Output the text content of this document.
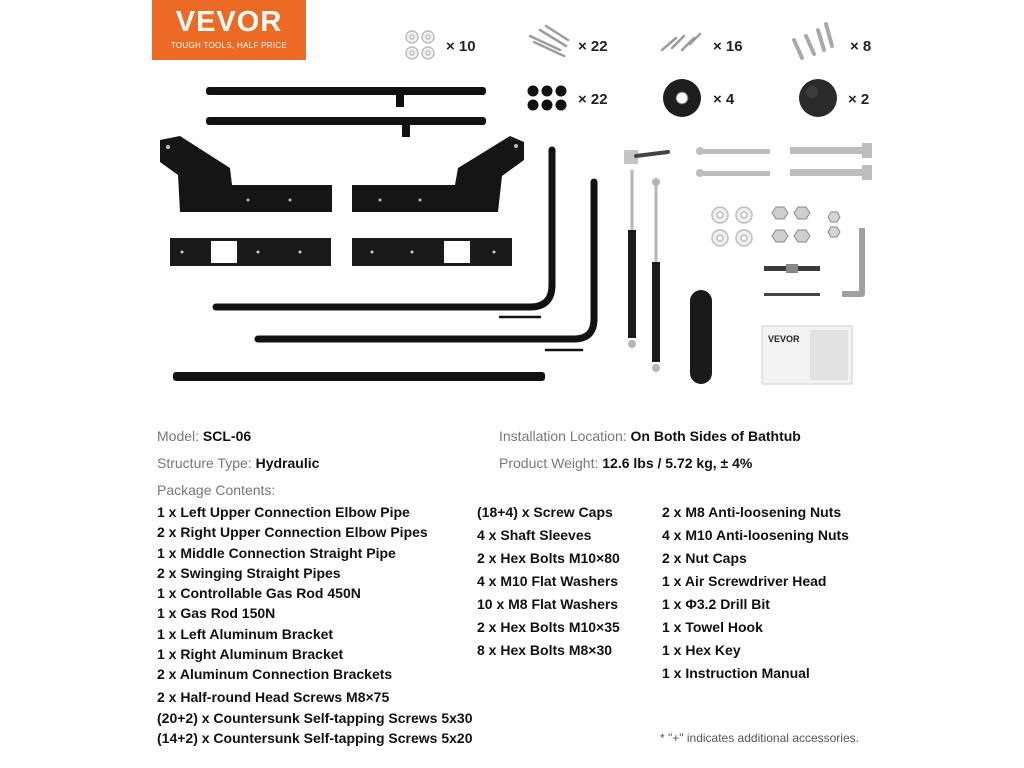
VEVOR
TOUGH TOOLS, HALF PRICE
VEVOR
× 10	× 22	× 16	× 8
× 22	× 4	× 2
Model: SCL-06
Structure Type: Hydraulic
Installation Location: On Both Sides of Bathtub
Product Weight: 12.6 lbs / 5.72 kg, ± 4%
Package Contents:
1 x Left Upper Connection Elbow Pipe
2 x Right Upper Connection Elbow Pipes
1 x Middle Connection Straight Pipe
2 x Swinging Straight Pipes
1 x Controllable Gas Rod 450N
1 x Gas Rod 150N
1 x Left Aluminum Bracket
1 x Right Aluminum Bracket
2 x Aluminum Connection Brackets
2 x Half-round Head Screws M8×75
(20+2) x Countersunk Self-tapping Screws 5x30
(14+2) x Countersunk Self-tapping Screws 5x20
(18+4) x Screw Caps
4 x Shaft Sleeves
2 x Hex Bolts M10×80
4 x M10 Flat Washers
10 x M8 Flat Washers
2 x Hex Bolts M10×35
8 x Hex Bolts M8×30
2 x M8 Anti-loosening Nuts
4 x M10 Anti-loosening Nuts
2 x Nut Caps
1 x Air Screwdriver Head
1 x Φ3.2 Drill Bit
1 x Towel Hook
1 x Hex Key
1 x Instruction Manual
* "+" indicates additional accessories.
